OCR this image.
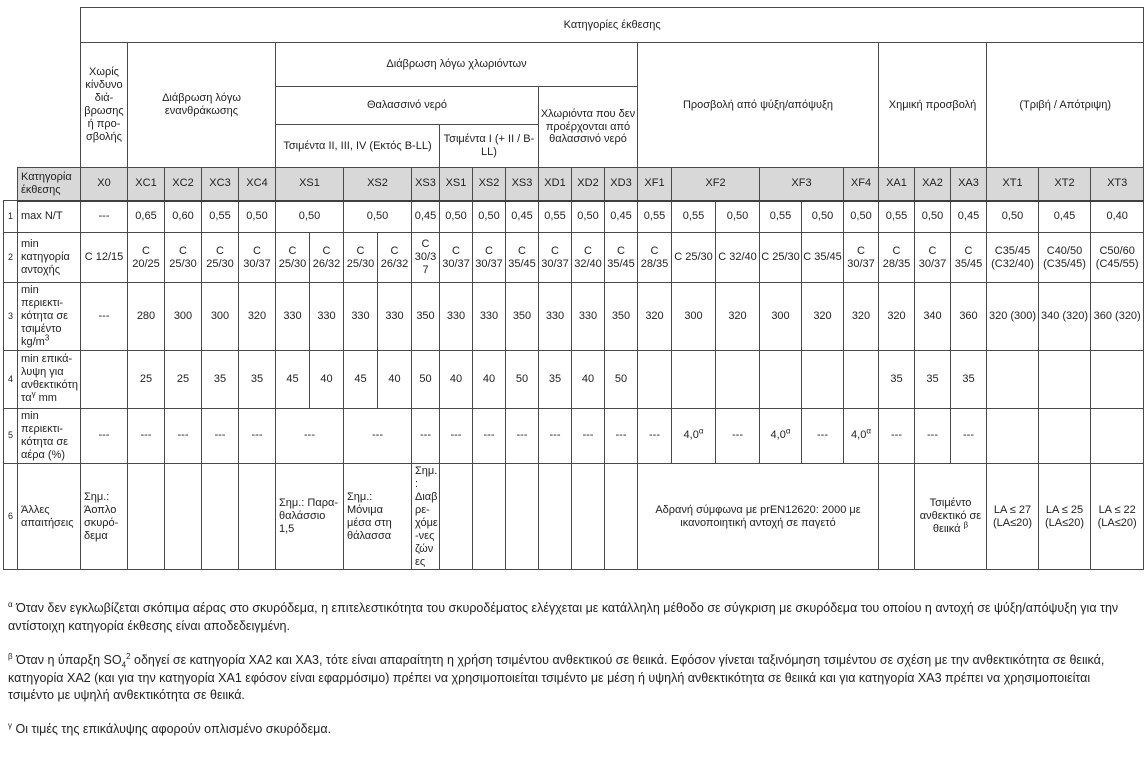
		Κατηγορίες έκθεσης																											
		Χωρίς κίνδυνο διά-βρωσης ή προ-σβολής	Διάβρωση λόγω ενανθράκωσης				Διάβρωση λόγω χλωριόντων											Προσβολή από ψύξη/απόψυξη						Χημική προσβολή			(Τριβή / Απότριψη)		
							Θαλασσινό νερό								Χλωριόντα που δεν προέρχονται από θαλασσινό νερό														
							Τσιμέντα II, III, IV (Εκτός B-LL)					Τσιμέντα I (+ II / B-LL)																	
	Κατηγορία έκθεσης	X0	XC1	XC2	XC3	XC4	XS1		XS2		XS3	XS1	XS2	XS3	XD1	XD2	XD3	XF1	XF2		XF3		XF4	XA1	XA2	XA3	XT1	XT2	XT3
1	max N/T	---	0,65	0,60	0,55	0,50	0,50		0,50		0,45	0,50	0,50	0,45	0,55	0,50	0,45	0,55	0,55	0,50	0,55	0,50	0,50	0,55	0,50	0,45	0,50	0,45	0,40
2	min κατηγορία αντοχής	C 12/15	C 20/25	C 25/30	C 25/30	C 30/37	C 25/30	C 26/32	C 25/30	C 26/32	C 30/37	C 30/37	C 30/37	C 35/45	C 30/37	C 32/40	C 35/45	C 28/35	C 25/30	C 32/40	C 25/30	C 35/45	C 30/37	C 28/35	C 30/37	C 35/45	C35/45 (C32/40)	C40/50 (C35/45)	C50/60 (C45/55)
3	min περιεκτι-κότητα σε τσιμέντο $kg/m^3$	---	280	300	300	320	330	330	330	330	350	330	330	350	330	330	350	320	300	320	300	320	320	320	340	360	320 (300)	340 (320)	360 (320)
4	min επικά-λυψη για ανθεκτικότητα$^\gamma$ mm		25	25	35	35	45	40	45	40	50	40	40	50	35	40	50							35	35	35			
5	min περιεκτι-κότητα σε αέρα (%)	---	---	---	---	---	---		---		---	---	---	---	---	---	---	---	$4,0^\alpha$	---	$4,0^\alpha$	---	$4,0^\alpha$	---	---	---			
6	Άλλες απαιτήσεις	Σημ.: Άοπλο σκυρό-δεμα					Σημ.: Παρα-θαλάσσιο 1,5		Σημ.: Μόνιμα μέσα στη θάλασσα		Σημ.: Διαβρε-χόμε-νες ζώνες							Αδρανή σύμφωνα με prEN12620: 2000 με ικανοποιητική αντοχή σε παγετό							Τσιμέντο ανθεκτικό σε θειικά $^\beta$		LA ≤ 27 (LA≤20)	LA ≤ 25 (LA≤20)	LA ≤ 22 (LA≤20)

$^\alpha$ Όταν δεν εγκλωβίζεται σκόπιμα αέρας στο σκυρόδεμα, η επιτελεστικότητα του σκυροδέματος ελέγχεται με κατάλληλη μέθοδο σε σύγκριση με σκυρόδεμα του οποίου η αντοχή σε ψύξη/απόψυξη για την αντίστοιχη κατηγορία έκθεσης είναι αποδεδειγμένη.

$^\beta$ Όταν η ύπαρξη $SO_4^2$ οδηγεί σε κατηγορία ΧΑ2 και ΧΑ3, τότε είναι απαραίτητη η χρήση τσιμέντου ανθεκτικού σε θειικά. Εφόσον γίνεται ταξινόμηση τσιμέντου σε σχέση με την ανθεκτικότητα σε θειικά, κατηγορία ΧΑ2 (και για την κατηγορία ΧΑ1 εφόσον είναι εφαρμόσιμο) πρέπει να χρησιμοποιείται τσιμέντο με μέση ή υψηλή ανθεκτικότητα σε θειικά και για κατηγορία ΧΑ3 πρέπει να χρησιμοποιείται τσιμέντο με υψηλή ανθεκτικότητα σε θειικά.

$^\gamma$ Οι τιμές της επικάλυψης αφορούν οπλισμένο σκυρόδεμα.
